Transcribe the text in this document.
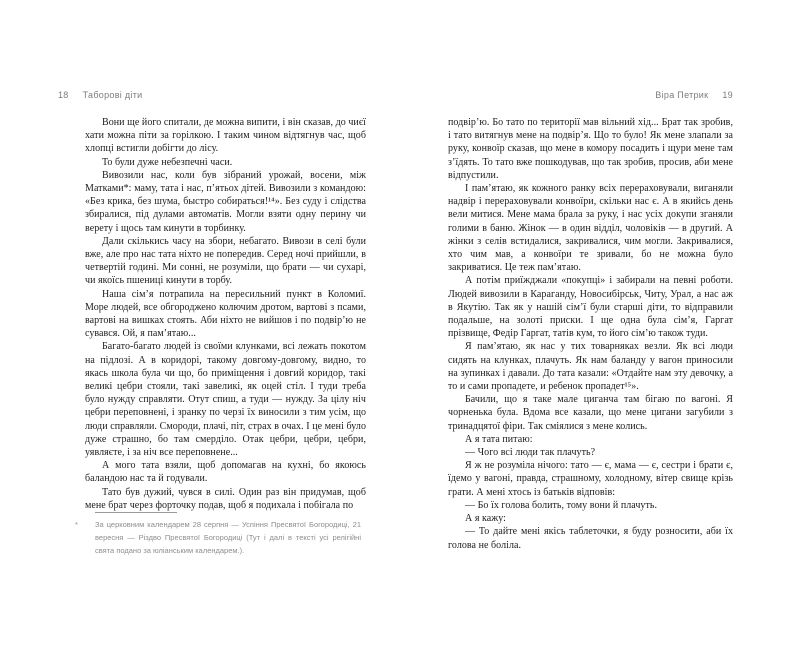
18 Таборові діти

Вони ще його спитали, де можна випити, і він сказав, до чиєї хати можна піти за горілкою. І таким чином відтягнув час, щоб хлопці встигли добігти до лісу.

То були дуже небезпечні часи.

Вивозили нас, коли був зібраний урожай, восени, між Матками*: маму, тата і нас, п’ятьох дітей. Вивозили з командою: «Без крика, без шума, быстро собираться!¹⁴». Без суду і слідства збиралися, під дулами автоматів. Могли взяти одну перину чи верету і щось там кинути в торбинку.

Дали скількись часу на збори, небагато. Вивози в селі були вже, але про нас тата ніхто не попередив. Серед ночі прийшли, в четвертій годині. Ми сонні, не розуміли, що брати — чи сухарі, чи якоїсь пшениці кинути в торбу.

Наша сім’я потрапила на пересильний пункт в Коломиї. Море людей, все обгороджено колючим дротом, вартові з псами, вартові на вишках стоять. Аби ніхто не вийшов і по подвір’ю не сувався. Ой, я пам’ятаю...

Багато-багато людей із своїми клунками, всі лежать покотом на підлозі. А в коридорі, такому довгому-довгому, видно, то якась школа була чи що, бо приміщення і довгий коридор, такі великі цебри стояли, такі завеликі, як оцей стіл. І туди треба було нужду справляти. Отут спиш, а туди — нужду. За цілу ніч цебри переповнені, і зранку по черзі їх виносили з тим усім, що люди справляли. Смороди, плачі, піт, страх в очах. І це мені було дуже страшно, бо там смерділо. Отак цебри, цебри, цебри, уявляєте, і за ніч все переповнене...

А мого тата взяли, щоб допомагав на кухні, бо якоюсь баландою нас та й годували.

Тато був дужий, чувся в силі. Один раз він придумав, щоб мене брат через форточку подав, щоб я подихала і побігала по

* За церковним календарем 28 серпня — Успіння Пресвятої Богородиці, 21 вересня — Різдво Пресвятої Богородиці (Тут і далі в тексті усі релігійні свята подано за юліанським календарем.).
Віра Петрик 19

подвір’ю. Бо тато по території мав вільний хід... Брат так зробив, і тато витягнув мене на подвір’я. Що то було! Як мене злапали за руку, конвоїр сказав, що мене в комору посадить і щури мене там з’їдять. То тато вже пошкодував, що так зробив, просив, аби мене відпустили.

І пам’ятаю, як кожного ранку всіх перераховували, виганяли надвір і перераховували конвоїри, скільки нас є. А в якийсь день вели митися. Мене мама брала за руку, і нас усіх докупи зганяли голими в баню. Жінок — в один відділ, чоловіків — в другий. А жінки з селів встидалися, закривалися, чим могли. Закривалися, хто чим мав, а конвоїри те зривали, бо не можна було закриватися. Це теж пам’ятаю.

А потім приїжджали «покупці» і забирали на певні роботи. Людей вивозили в Караганду, Новосибірськ, Читу, Урал, а нас аж в Якутію. Так як у нашій сім’ї були старші діти, то відправили подальше, на золоті приски. І ще одна була сім’я, Гаргат прізвище, Федір Гаргат, татів кум, то його сім’ю також туди.

Я пам’ятаю, як нас у тих товарняках везли. Як всі люди сидять на клунках, плачуть. Як нам баланду у вагон приносили на зупинках і давали. До тата казали: «Отдайте нам эту девочку, а то и сами пропадете, и ребенок пропадет¹⁵».

Бачили, що я таке мале циганча там бігаю по вагоні. Я чорненька була. Вдома все казали, що мене цигани загубили з тринадцятої фіри. Так сміялися з мене колись.

А я тата питаю:

— Чого всі люди так плачуть?

Я ж не розуміла нічого: тато — є, мама — є, сестри і брати є, їдемо у вагоні, правда, страшному, холодному, вітер свище крізь грати. А мені хтось із батьків відповів:

— Бо їх голова болить, тому вони й плачуть.

А я кажу:

— То дайте мені якісь таблеточки, я буду розносити, аби їх голова не боліла.
